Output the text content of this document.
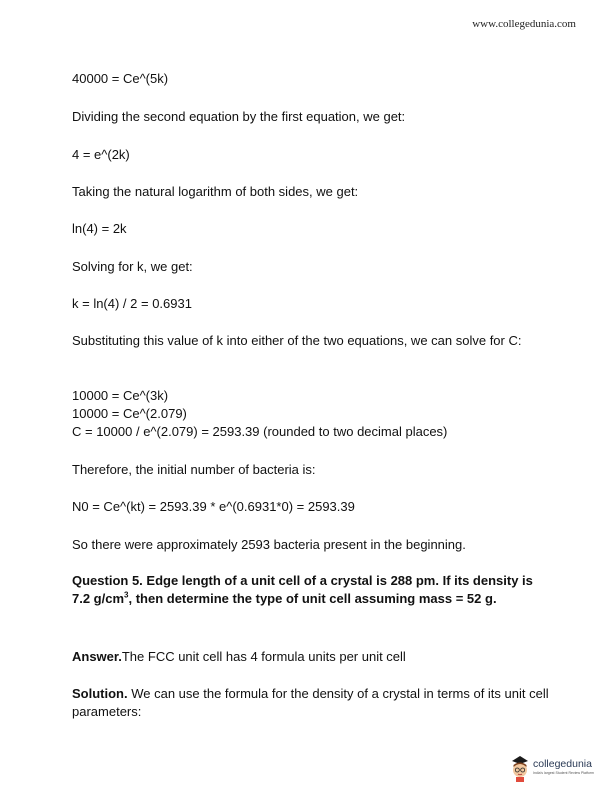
www.collegedunia.com

40000 = Ce^(5k)

Dividing the second equation by the first equation, we get:

4 = e^(2k)

Taking the natural logarithm of both sides, we get:

ln(4) = 2k

Solving for k, we get:

k = ln(4) / 2 = 0.6931

Substituting this value of k into either of the two equations, we can solve for C:

10000 = Ce^(3k)

10000 = Ce^(2.079)

C = 10000 / e^(2.079) = 2593.39 (rounded to two decimal places)

Therefore, the initial number of bacteria is:

N0 = Ce^(kt) = 2593.39 * e^(0.6931*0) = 2593.39

So there were approximately 2593 bacteria present in the beginning.

Question 5. Edge length of a unit cell of a crystal is 288 pm. If its density is 7.2 $g/cm^3$, then determine the type of unit cell assuming mass = 52 g.

Answer.The FCC unit cell has 4 formula units per unit cell

Solution. We can use the formula for the density of a crystal in terms of its unit cell parameters:

collegedunia
India's largest Student Review Platform
